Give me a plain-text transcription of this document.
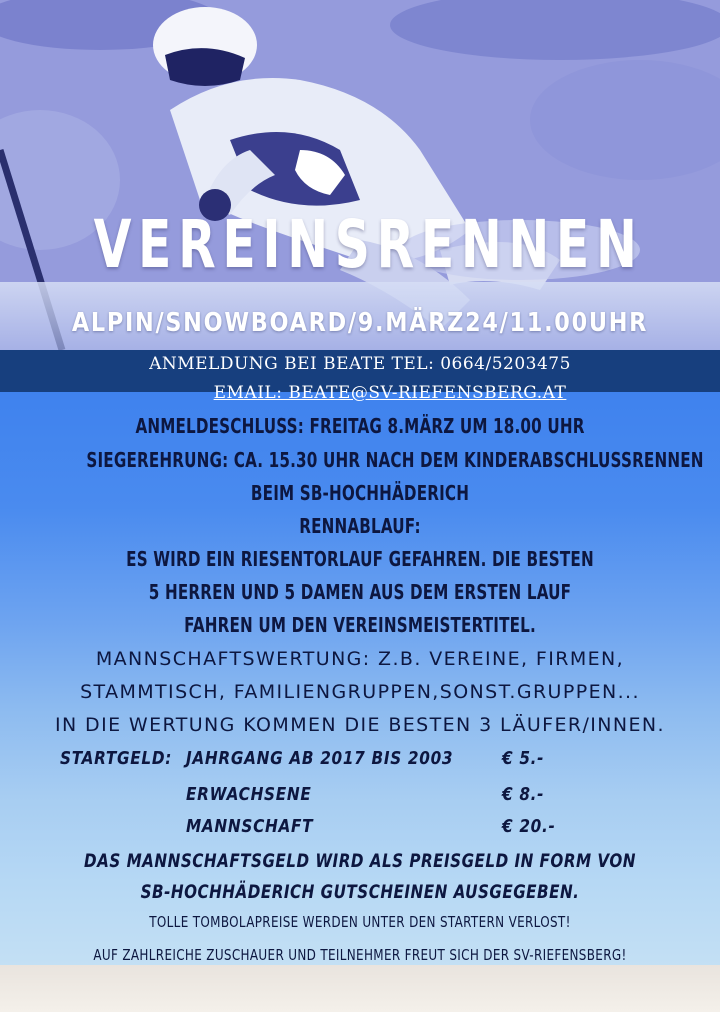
VEREINSRENNEN
ALPIN/SNOWBOARD/9.MÄRZ24/11.00UHR
ANMELDUNG BEI BEATE TEL: 0664/5203475
EMAIL: BEATE@SV-RIEFENSBERG.AT
ANMELDESCHLUSS: FREITAG 8.MÄRZ UM 18.00 UHR
SIEGEREHRUNG: CA. 15.30 UHR NACH DEM KINDERABSCHLUSSRENNEN
BEIM SB-HOCHHÄDERICH
RENNABLAUF:
ES WIRD EIN RIESENTORLAUF GEFAHREN. DIE BESTEN
5 HERREN UND 5 DAMEN AUS DEM ERSTEN LAUF
FAHREN UM DEN VEREINSMEISTERTITEL.
MANNSCHAFTSWERTUNG: Z.B. VEREINE, FIRMEN,
STAMMTISCH, FAMILIENGRUPPEN,SONST.GRUPPEN...
IN DIE WERTUNG KOMMEN DIE BESTEN 3 LÄUFER/INNEN.
STARTGELD: JAHRGANG AB 2017 BIS 2003	€ 5.-
ERWACHSENE	€ 8.-
MANNSCHAFT	€ 20.-
DAS MANNSCHAFTSGELD WIRD ALS PREISGELD IN FORM VON
SB-HOCHHÄDERICH GUTSCHEINEN AUSGEGEBEN.
TOLLE TOMBOLAPREISE WERDEN UNTER DEN STARTERN VERLOST!
AUF ZAHLREICHE ZUSCHAUER UND TEILNEHMER FREUT SICH DER SV-RIEFENSBERG!
